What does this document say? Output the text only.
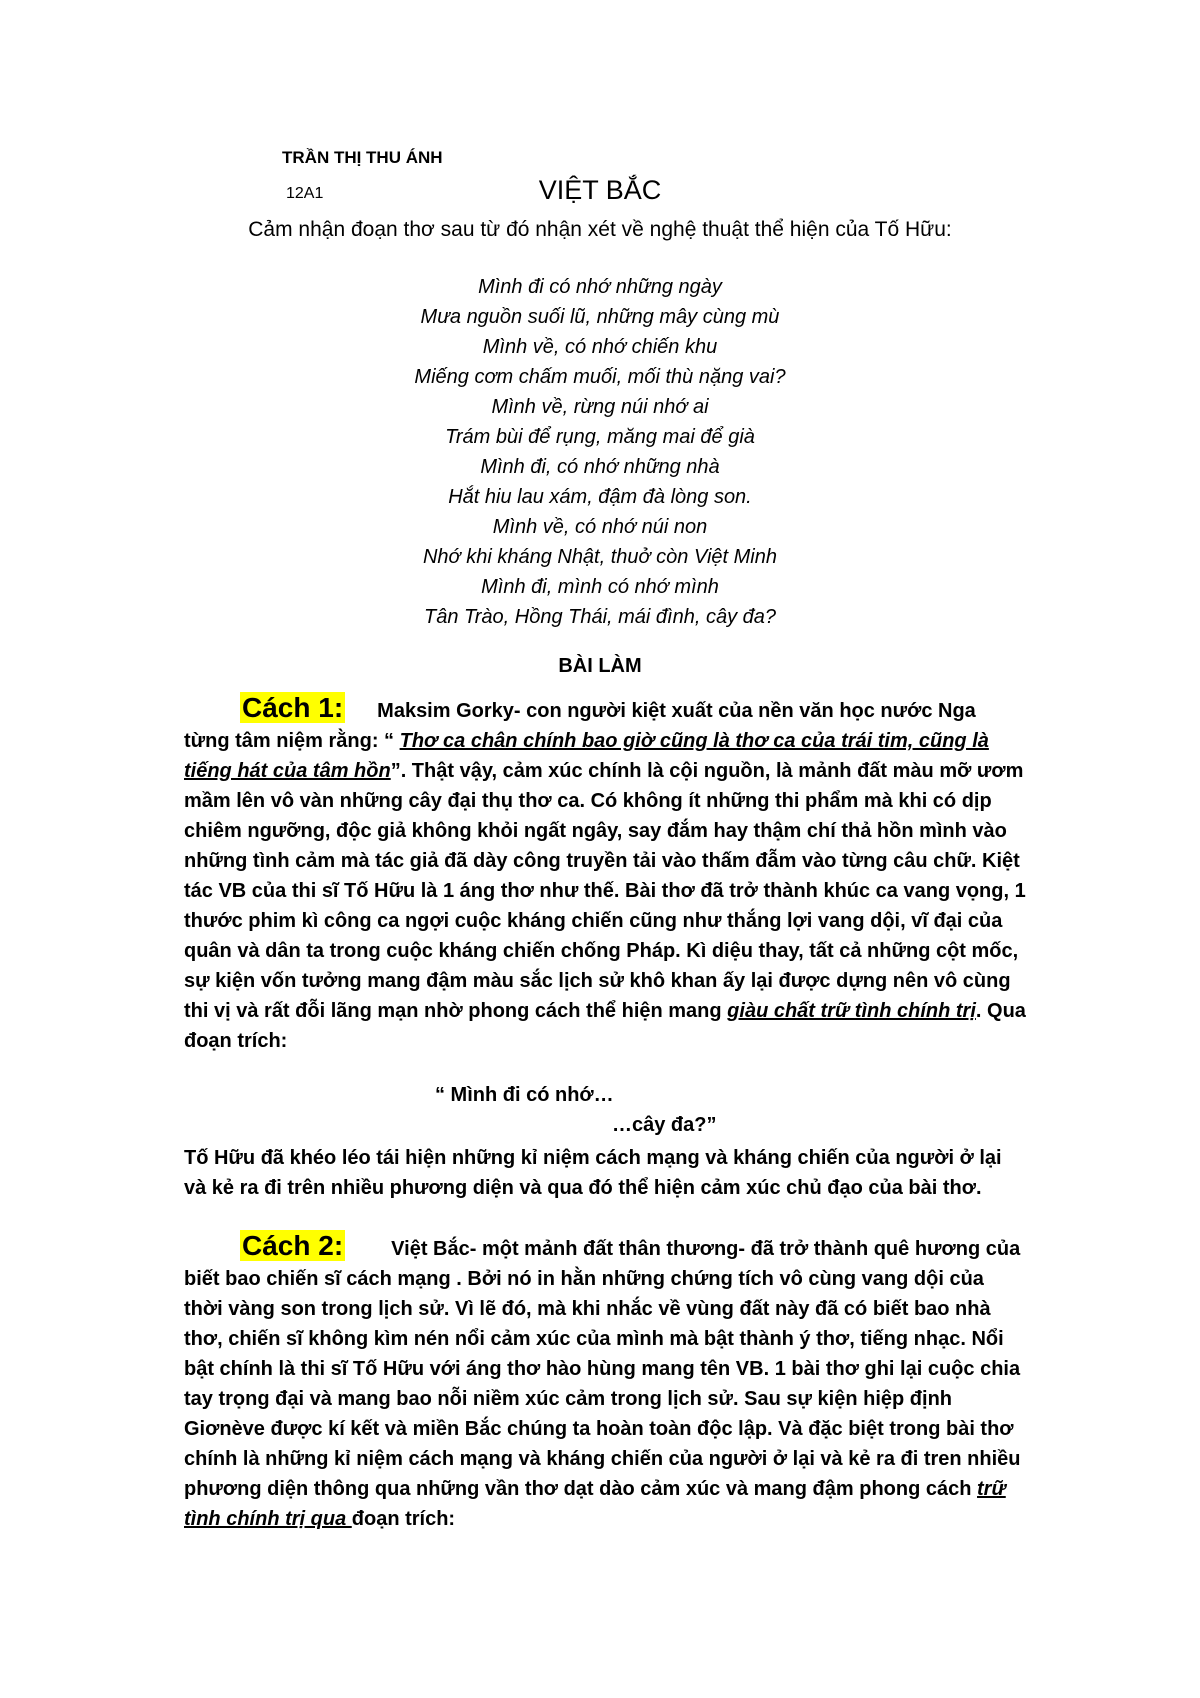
TRẦN THỊ THU ÁNH
12A1	VIỆT BẮC
Cảm nhận đoạn thơ sau từ đó nhận xét về nghệ thuật thể hiện của Tố Hữu:
Mình đi có nhớ những ngày
Mưa nguồn suối lũ, những mây cùng mù
Mình về, có nhớ chiến khu
Miếng cơm chấm muối, mối thù nặng vai?
Mình về, rừng núi nhớ ai
Trám bùi để rụng, măng mai để già
Mình đi, có nhớ những nhà
Hắt hiu lau xám, đậm đà lòng son.
Mình về, có nhớ núi non
Nhớ khi kháng Nhật, thuở còn Việt Minh
Mình đi, mình có nhớ mình
Tân Trào, Hồng Thái, mái đình, cây đa?
BÀI LÀM
Cách 1: Maksim Gorky- con người kiệt xuất của nền văn học nước Nga từng tâm niệm rằng: “ Thơ ca chân chính bao giờ cũng là thơ ca của trái tim, cũng là tiếng hát của tâm hồn”. Thật vậy, cảm xúc chính là cội nguồn, là mảnh đất màu mỡ ươm mầm lên vô vàn những cây đại thụ thơ ca. Có không ít những thi phẩm mà khi có dịp chiêm ngưỡng, độc giả không khỏi ngất ngây, say đắm hay thậm chí thả hồn mình vào những tình cảm mà tác giả đã dày công truyền tải vào thấm đẫm vào từng câu chữ. Kiệt tác VB của thi sĩ Tố Hữu là 1 áng thơ như thế. Bài thơ đã trở thành khúc ca vang vọng, 1 thước phim kì công ca ngợi cuộc kháng chiến cũng như thắng lợi vang dội, vĩ đại của quân và dân ta trong cuộc kháng chiến chống Pháp. Kì diệu thay, tất cả những cột mốc, sự kiện vốn tưởng mang đậm màu sắc lịch sử khô khan ấy lại được dựng nên vô cùng thi vị và rất đỗi lãng mạn nhờ phong cách thể hiện mang giàu chất trữ tình chính trị. Qua đoạn trích:
“ Mình đi có nhớ…
…cây đa?”
Tố Hữu đã khéo léo tái hiện những kỉ niệm cách mạng và kháng chiến của người ở lại và kẻ ra đi trên nhiều phương diện và qua đó thể hiện cảm xúc chủ đạo của bài thơ.
Cách 2: Việt Bắc- một mảnh đất thân thương- đã trở thành quê hương của biết bao chiến sĩ cách mạng . Bởi nó in hằn những chứng tích vô cùng vang dội của thời vàng son trong lịch sử. Vì lẽ đó, mà khi nhắc về vùng đất này đã có biết bao nhà thơ, chiến sĩ không kìm nén nổi cảm xúc của mình mà bật thành ý thơ, tiếng nhạc. Nổi bật chính là thi sĩ Tố Hữu với áng thơ hào hùng mang tên VB. 1 bài thơ ghi lại cuộc chia tay trọng đại và mang bao nỗi niềm xúc cảm trong lịch sử. Sau sự kiện hiệp định Giơnève được kí kết và miền Bắc chúng ta hoàn toàn độc lập. Và đặc biệt trong bài thơ chính là những kỉ niệm cách mạng và kháng chiến của người ở lại và kẻ ra đi tren nhiều phương diện thông qua những vần thơ dạt dào cảm xúc và mang đậm phong cách trữ tình chính trị qua đoạn trích:
